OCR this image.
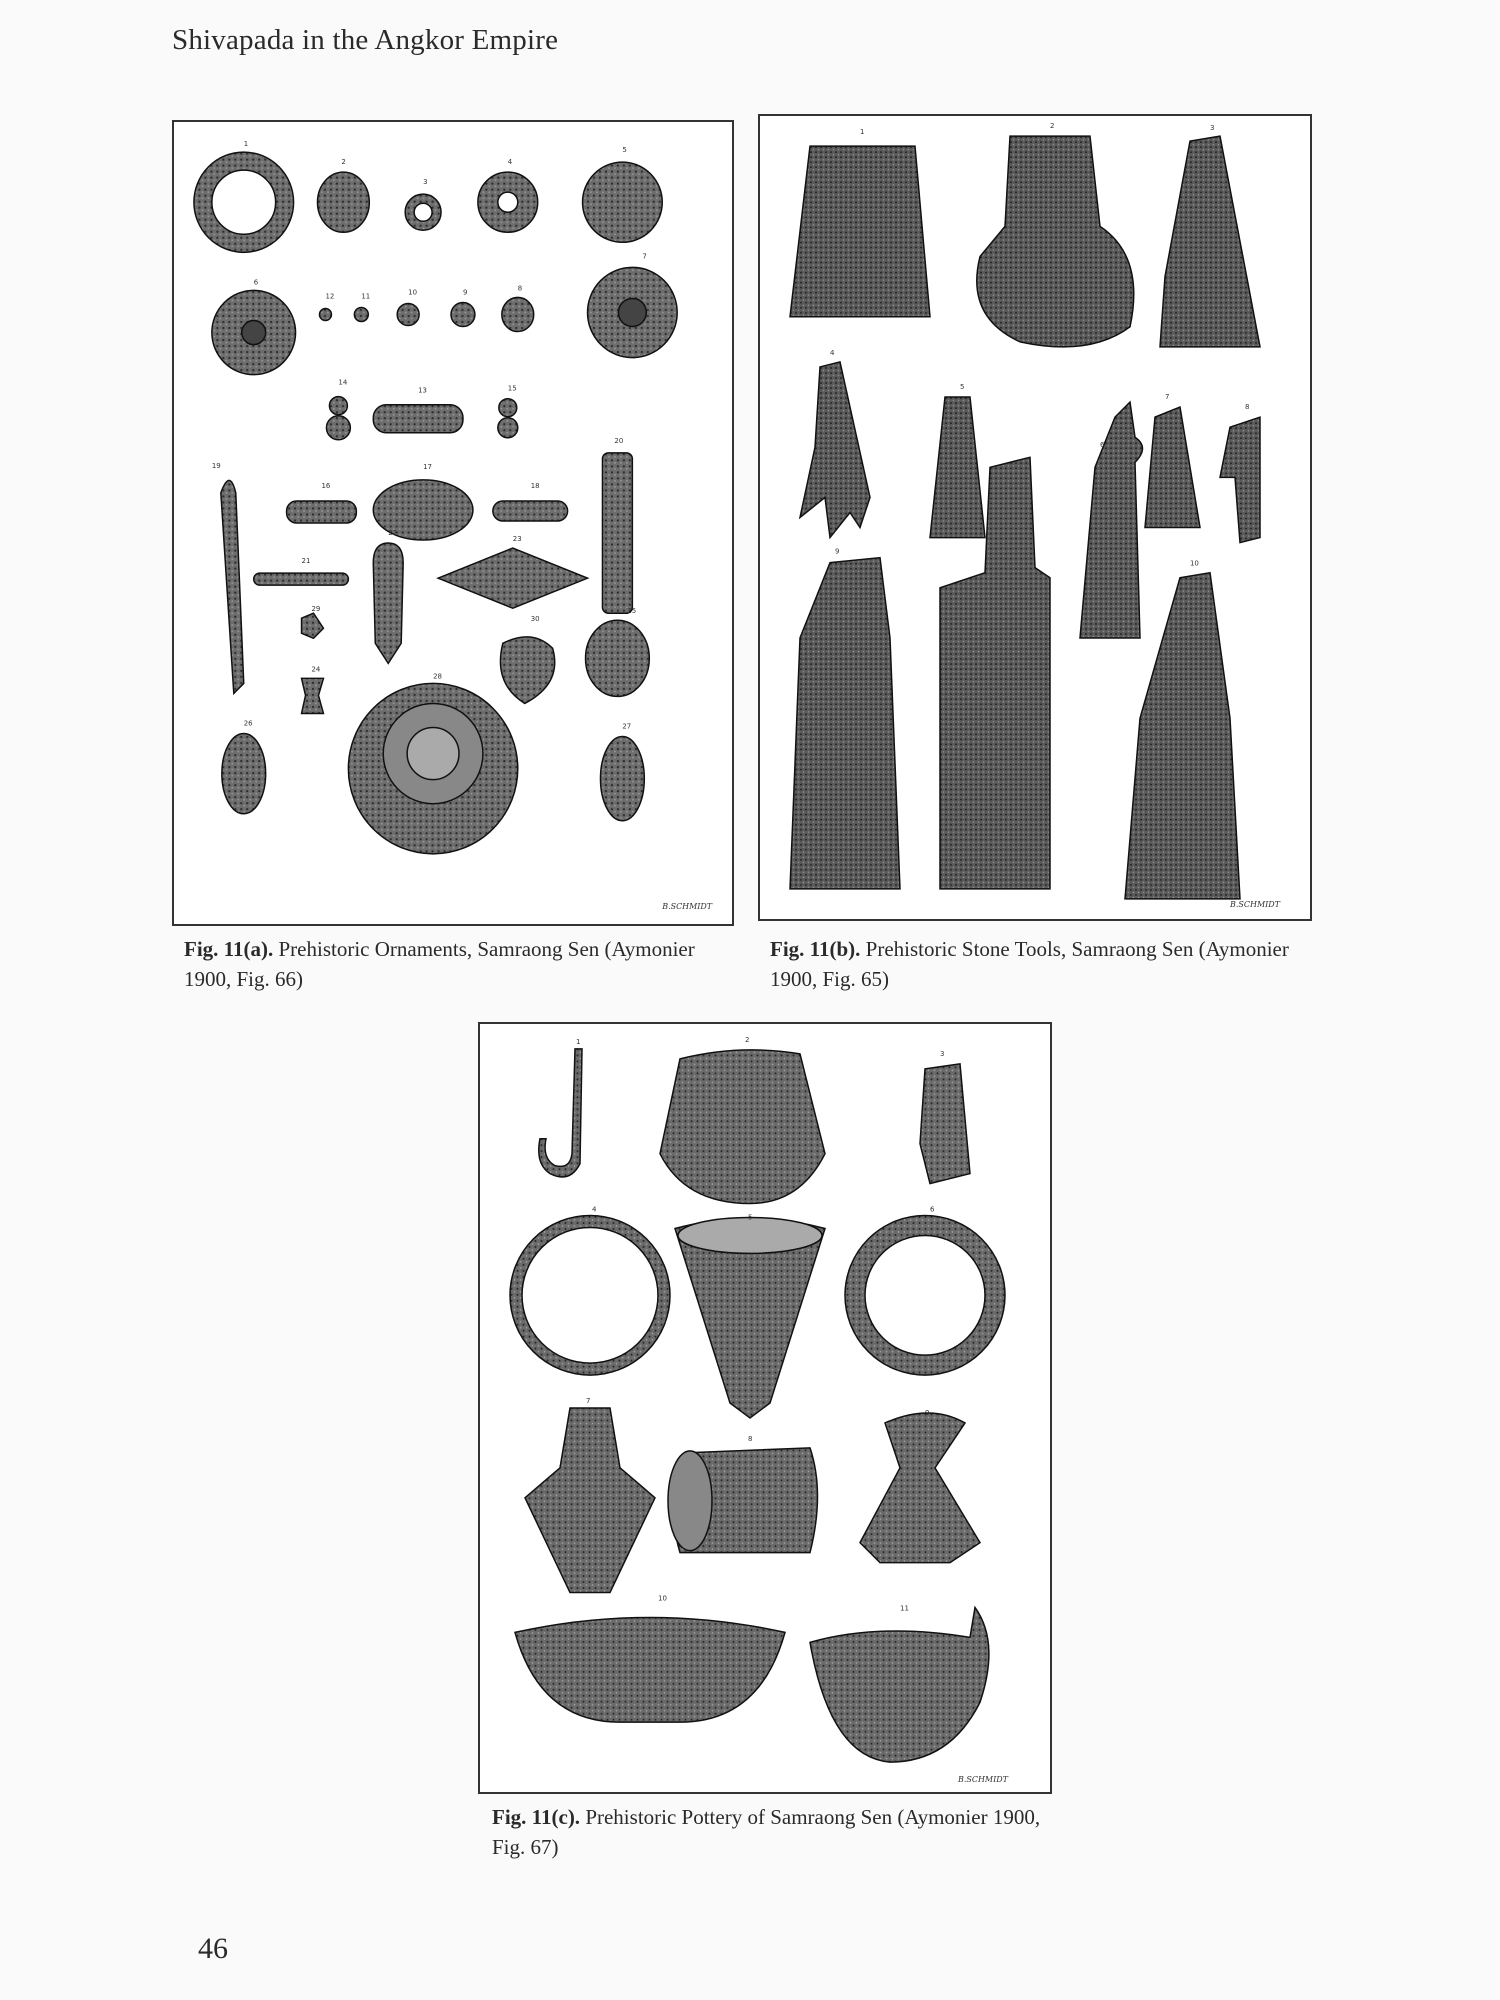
Shivapada in the Angkor Empire
1
2
3
4
5
6
7
8
9
10
11
12
13
14
15
16
17
18
19
20
21
22
23
24
25
26	27
28
29
30
B.SCHMIDT
Fig. 11(a). Prehistoric Ornaments, Samraong Sen (Aymonier 1900, Fig. 66)
1
2	3
4
5
6
7
8
9
10
B.SCHMIDT
Fig. 11(b). Prehistoric Stone Tools, Samraong Sen (Aymonier 1900, Fig. 65)
1	2
3
4
5
6
7
8
9
10
11
B.SCHMIDT
Fig. 11(c). Prehistoric Pottery of Samraong Sen (Aymonier 1900, Fig. 67)
46
